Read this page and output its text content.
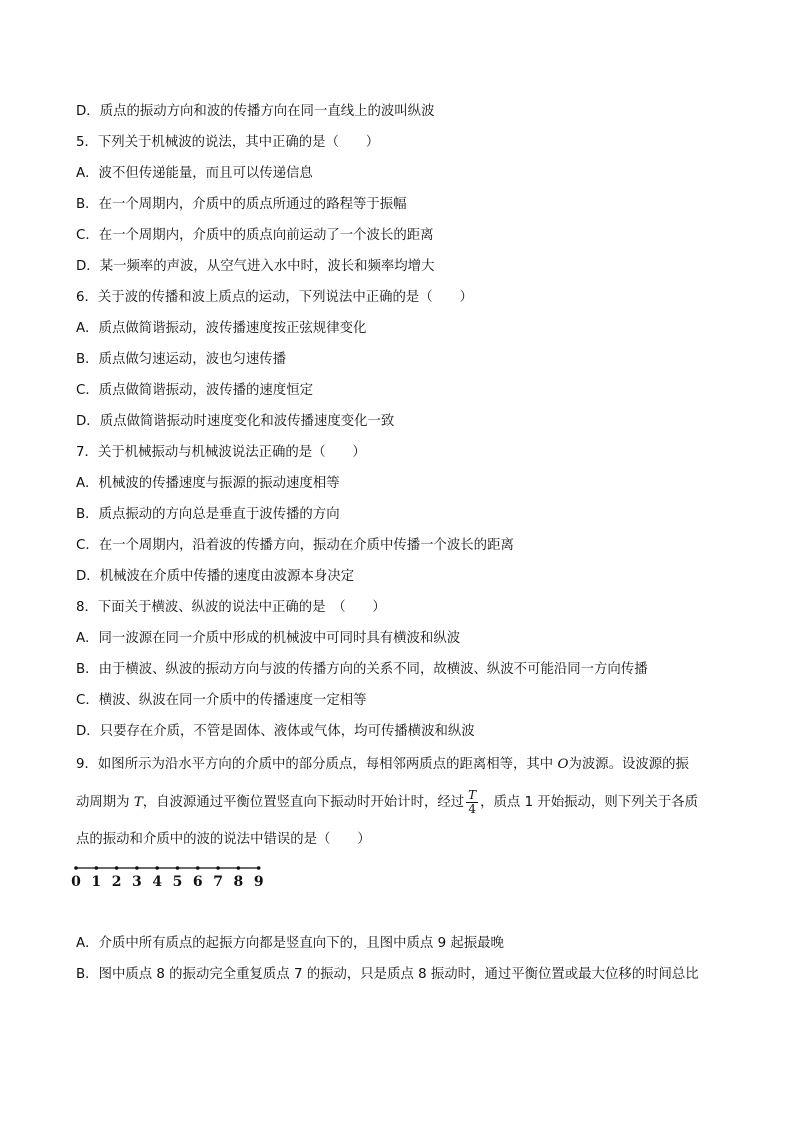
D．质点的振动方向和波的传播方向在同一直线上的波叫纵波
5．下列关于机械波的说法，其中正确的是（　　）
A．波不但传递能量，而且可以传递信息
B．在一个周期内，介质中的质点所通过的路程等于振幅
C．在一个周期内，介质中的质点向前运动了一个波长的距离
D．某一频率的声波，从空气进入水中时，波长和频率均增大
6．关于波的传播和波上质点的运动，下列说法中正确的是（　　）
A．质点做简谐振动，波传播速度按正弦规律变化
B．质点做匀速运动，波也匀速传播
C．质点做简谐振动，波传播的速度恒定
D．质点做简谐振动时速度变化和波传播速度变化一致
7．关于机械振动与机械波说法正确的是（　　）
A．机械波的传播速度与振源的振动速度相等
B．质点振动的方向总是垂直于波传播的方向
C．在一个周期内，沿着波的传播方向，振动在介质中传播一个波长的距离
D．机械波在介质中传播的速度由波源本身决定
8．下面关于横波、纵波的说法中正确的是　（　　）
A．同一波源在同一介质中形成的机械波中可同时具有横波和纵波
B．由于横波、纵波的振动方向与波的传播方向的关系不同，故横波、纵波不可能沿同一方向传播
C．横波、纵波在同一介质中的传播速度一定相等
D．只要存在介质，不管是固体、液体或气体，均可传播横波和纵波
9．如图所示为沿水平方向的介质中的部分质点，每相邻两质点的距离相等，其中 O为波源。设波源的振
动周期为 T，自波源通过平衡位置竖直向下振动时开始计时，经过 $\frac{T}{4}$ ，质点 1 开始振动，则下列关于各质
点的振动和介质中的波的说法中错误的是（　　）
0 1 2 3 4 5 6 7 8 9
A．介质中所有质点的起振方向都是竖直向下的，且图中质点 9 起振最晚
B．图中质点 8 的振动完全重复质点 7 的振动，只是质点 8 振动时，通过平衡位置或最大位移的时间总比
